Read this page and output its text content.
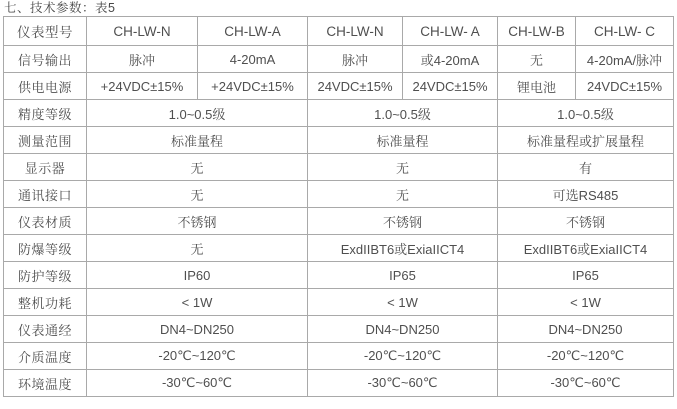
七、技术参数：表5
仪表型号	CH-LW-N	CH-LW-A	CH-LW-N	CH-LW- A	CH-LW-B	CH-LW- C
信号输出	脉冲	4-20mA	脉冲	或4-20mA	无	4-20mA/脉冲
供电电源	+24VDC±15%	+24VDC±15%	24VDC±15%	24VDC±15%	锂电池	24VDC±15%
精度等级	1.0~0.5级		1.0~0.5级		1.0~0.5级	
测量范围	标准量程		标准量程		标准量程或扩展量程	
显示器	无		无		有	
通讯接口	无		无		可选RS485	
仪表材质	不锈钢		不锈钢		不锈钢	
防爆等级	无		ExdIIBT6或ExiaIICT4		ExdIIBT6或ExiaIICT4	
防护等级	IP60		IP65		IP65	
整机功耗	< 1W		< 1W		< 1W	
仪表通经	DN4~DN250		DN4~DN250		DN4~DN250	
介质温度	-20℃~120℃		-20℃~120℃		-20℃~120℃	
环境温度	-30℃~60℃		-30℃~60℃		-30℃~60℃	
